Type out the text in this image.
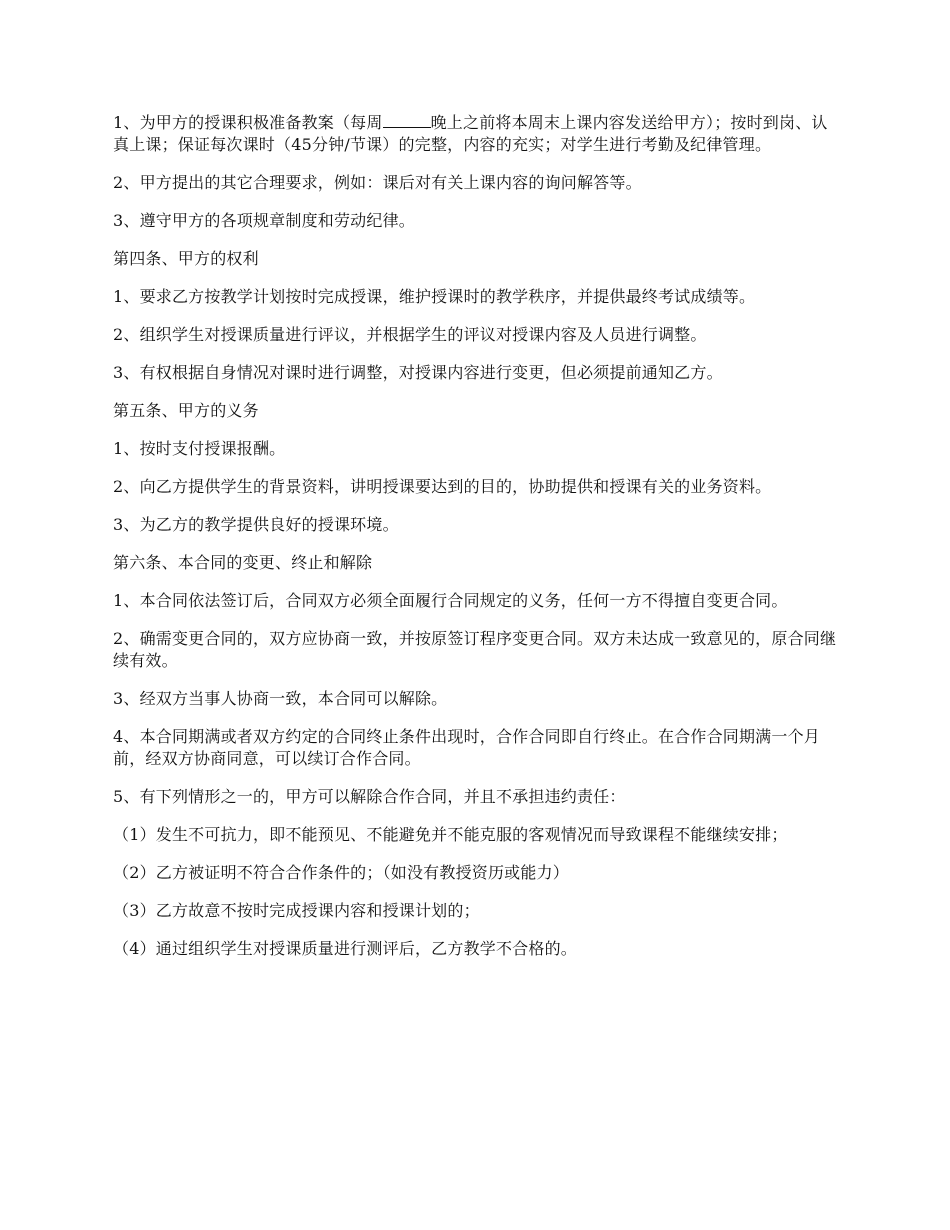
1、为甲方的授课积极准备教案（每周	晚上之前将本周末上课内容发送给甲方）；按时到岗、认真上课；保证每次课时（45分钟/节课）的完整，内容的充实；对学生进行考勤及纪律管理。

2、甲方提出的其它合理要求，例如：课后对有关上课内容的询问解答等。

3、遵守甲方的各项规章制度和劳动纪律。

第四条、甲方的权利

1、要求乙方按教学计划按时完成授课，维护授课时的教学秩序，并提供最终考试成绩等。

2、组织学生对授课质量进行评议，并根据学生的评议对授课内容及人员进行调整。

3、有权根据自身情况对课时进行调整，对授课内容进行变更，但必须提前通知乙方。

第五条、甲方的义务

1、按时支付授课报酬。

2、向乙方提供学生的背景资料，讲明授课要达到的目的，协助提供和授课有关的业务资料。

3、为乙方的教学提供良好的授课环境。

第六条、本合同的变更、终止和解除

1、本合同依法签订后，合同双方必须全面履行合同规定的义务，任何一方不得擅自变更合同。

2、确需变更合同的，双方应协商一致，并按原签订程序变更合同。双方未达成一致意见的，原合同继续有效。

3、经双方当事人协商一致，本合同可以解除。

4、本合同期满或者双方约定的合同终止条件出现时，合作合同即自行终止。在合作合同期满一个月前，经双方协商同意，可以续订合作合同。

5、有下列情形之一的，甲方可以解除合作合同，并且不承担违约责任：

（1）发生不可抗力，即不能预见、不能避免并不能克服的客观情况而导致课程不能继续安排；

（2）乙方被证明不符合合作条件的；（如没有教授资历或能力）

（3）乙方故意不按时完成授课内容和授课计划的；

（4）通过组织学生对授课质量进行测评后，乙方教学不合格的。
